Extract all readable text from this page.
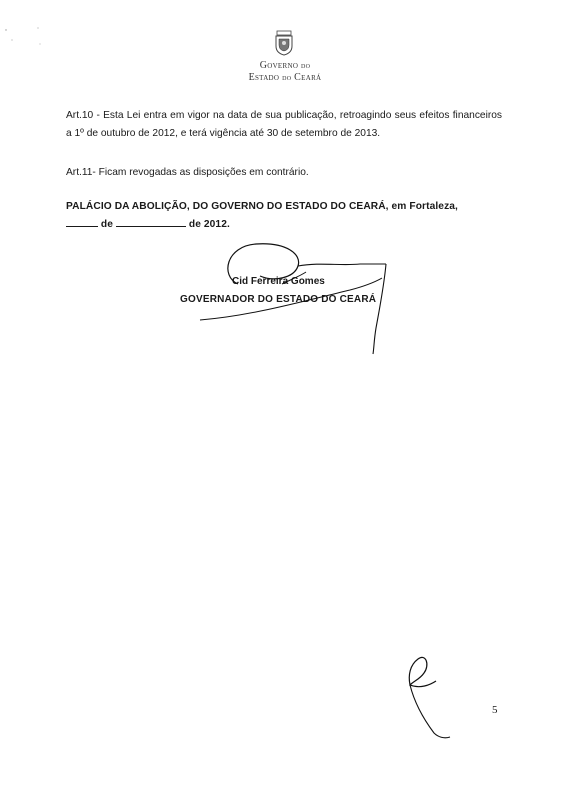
Governo do
Estado do Ceará
Art.10 - Esta Lei entra em vigor na data de sua publicação, retroagindo seus efeitos financeiros a 1º de outubro de 2012, e terá vigência até 30 de setembro de 2013.
Art.11- Ficam revogadas as disposições em contrário.
PALÁCIO DA ABOLIÇÃO, DO GOVERNO DO ESTADO DO CEARÁ, em Fortaleza,
de	de 2012.
Cid Ferreira Gomes
GOVERNADOR DO ESTADO DO CEARÁ
5
